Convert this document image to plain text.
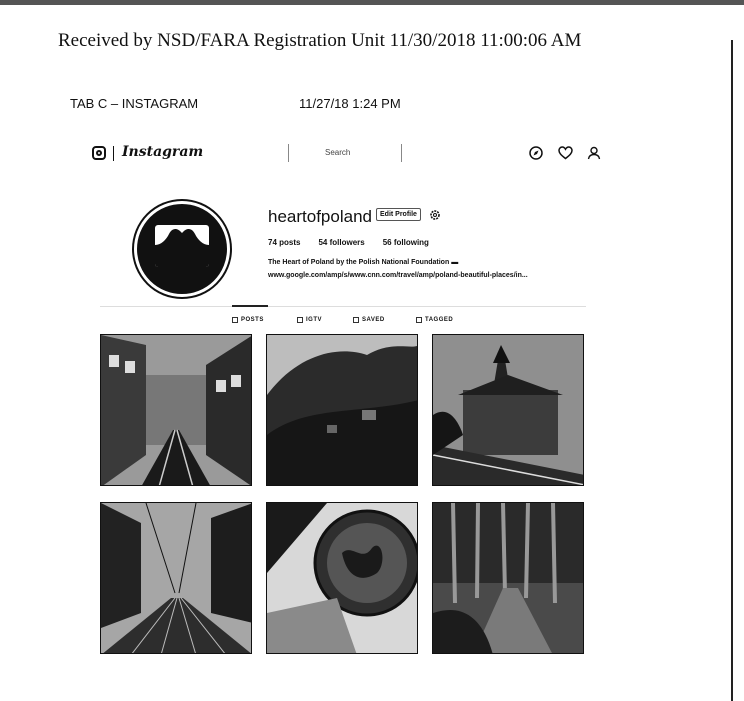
Received by NSD/FARA Registration Unit 11/30/2018 11:00:06 AM
TAB C – INSTAGRAM	11/27/18 1:24 PM
Instagram	Search
heartofpoland	Edit Profile
74 posts 54 followers 56 following
The Heart of Poland by the Polish National Foundation ▬
www.google.com/amp/s/www.cnn.com/travel/amp/poland-beautiful-places/in...
POSTS	IGTV	SAVED	TAGGED
